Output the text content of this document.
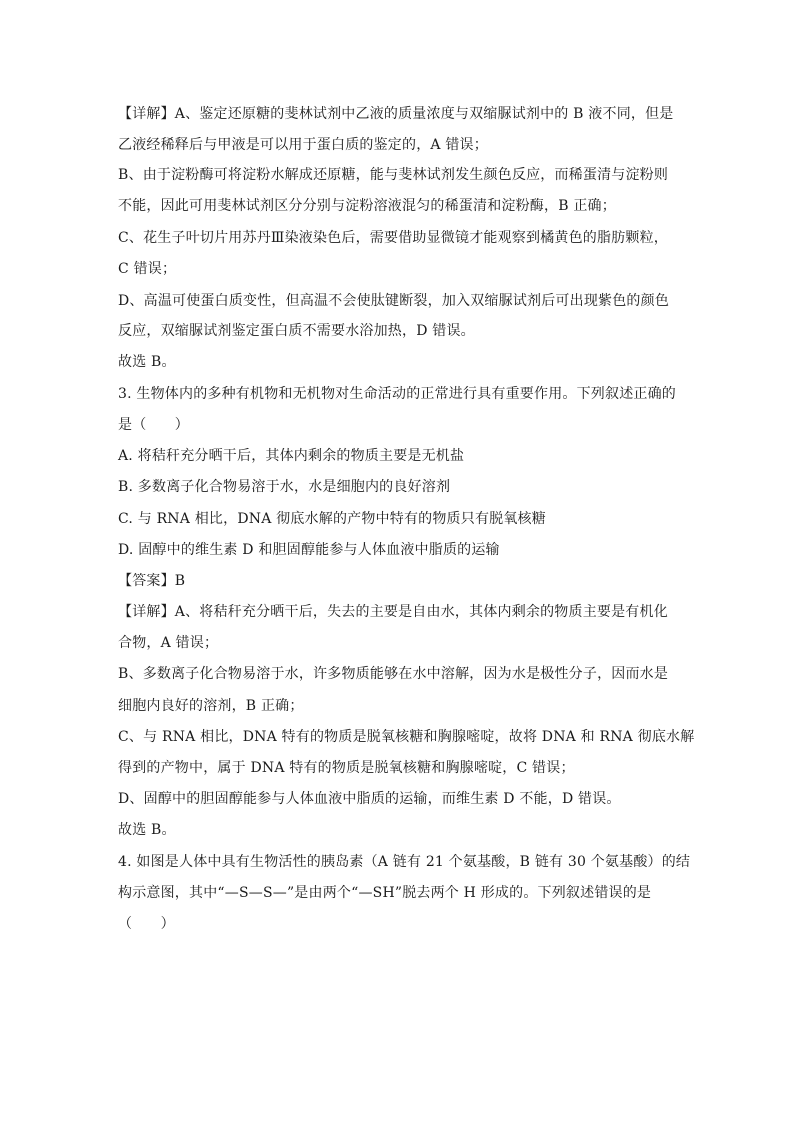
【详解】A、鉴定还原糖的斐林试剂中乙液的质量浓度与双缩脲试剂中的 B 液不同，但是
乙液经稀释后与甲液是可以用于蛋白质的鉴定的，A 错误；
B、由于淀粉酶可将淀粉水解成还原糖，能与斐林试剂发生颜色反应，而稀蛋清与淀粉则
不能，因此可用斐林试剂区分分别与淀粉溶液混匀的稀蛋清和淀粉酶，B 正确；
C、花生子叶切片用苏丹Ⅲ染液染色后，需要借助显微镜才能观察到橘黄色的脂肪颗粒，
C 错误；
D、高温可使蛋白质变性，但高温不会使肽键断裂，加入双缩脲试剂后可出现紫色的颜色
反应，双缩脲试剂鉴定蛋白质不需要水浴加热，D 错误。
故选 B。
3. 生物体内的多种有机物和无机物对生命活动的正常进行具有重要作用。下列叙述正确的
是（　　）
A. 将秸秆充分晒干后，其体内剩余的物质主要是无机盐
B. 多数离子化合物易溶于水，水是细胞内的良好溶剂
C. 与 RNA 相比，DNA 彻底水解的产物中特有的物质只有脱氧核糖
D. 固醇中的维生素 D 和胆固醇能参与人体血液中脂质的运输
【答案】B
【详解】A、将秸秆充分晒干后，失去的主要是自由水，其体内剩余的物质主要是有机化
合物，A 错误；
B、多数离子化合物易溶于水，许多物质能够在水中溶解，因为水是极性分子，因而水是
细胞内良好的溶剂，B 正确；
C、与 RNA 相比，DNA 特有的物质是脱氧核糖和胸腺嘧啶，故将 DNA 和 RNA 彻底水解
得到的产物中，属于 DNA 特有的物质是脱氧核糖和胸腺嘧啶，C 错误；
D、固醇中的胆固醇能参与人体血液中脂质的运输，而维生素 D 不能，D 错误。
故选 B。
4. 如图是人体中具有生物活性的胰岛素（A 链有 21 个氨基酸，B 链有 30 个氨基酸）的结
构示意图，其中“—S—S—”是由两个“—SH”脱去两个 H 形成的。下列叙述错误的是
（　　）
